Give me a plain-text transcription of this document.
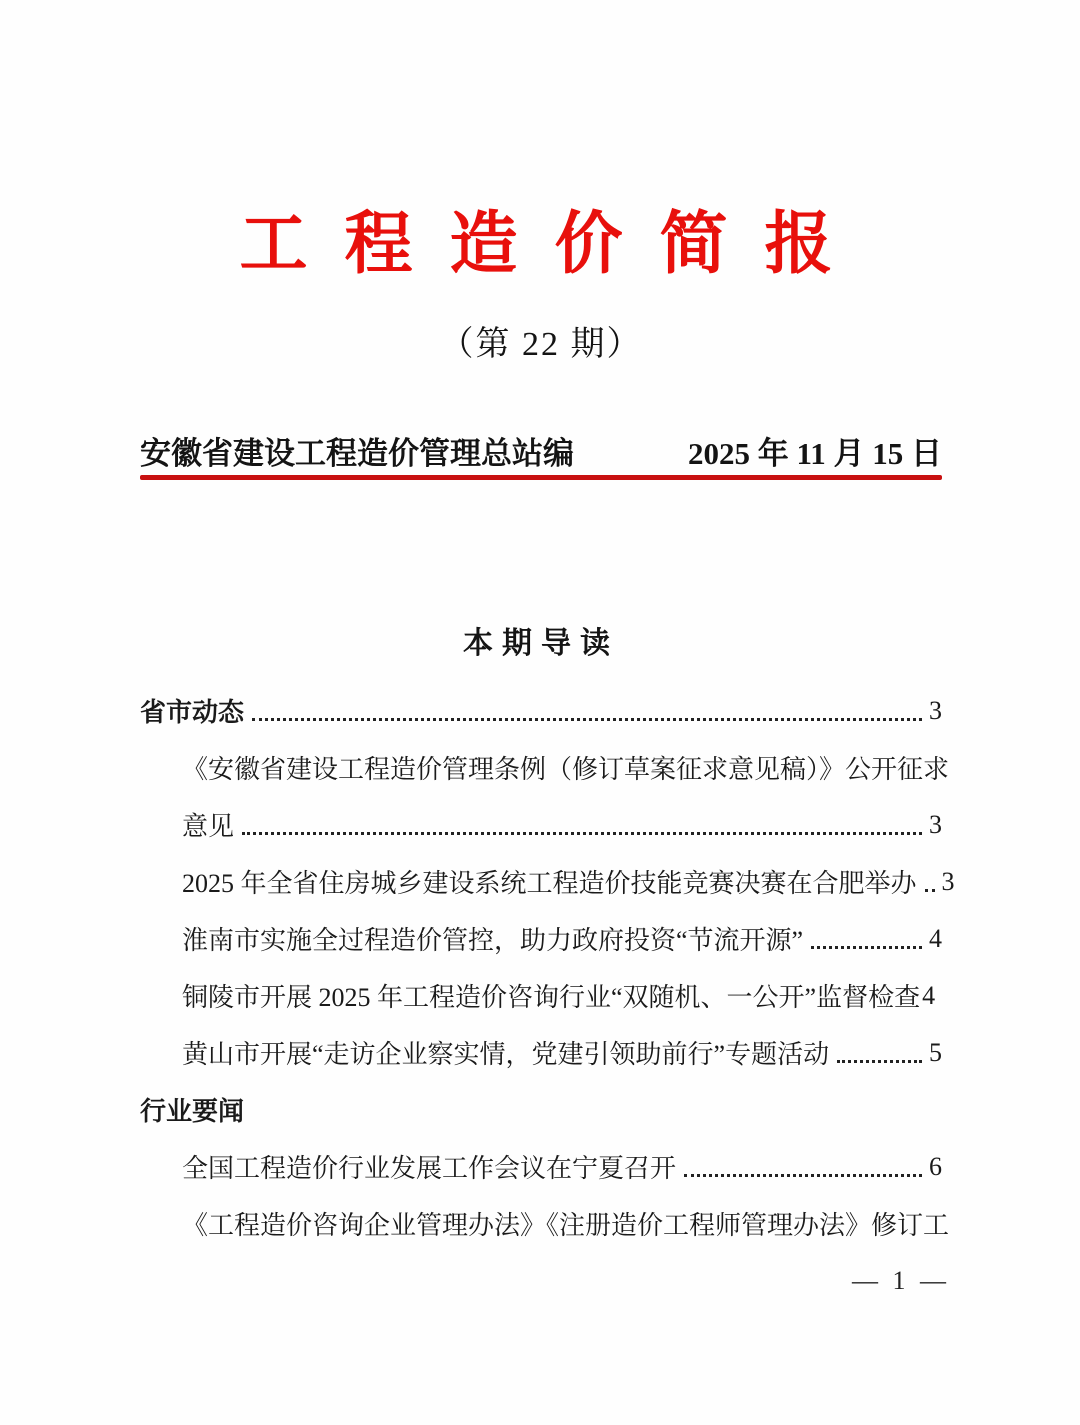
工 程 造 价 简 报
（第 22 期）
安徽省建设工程造价管理总站编	2025 年 11 月 15 日
本期导读
省市动态	3
《安徽省建设工程造价管理条例（修订草案征求意见稿）》公开征求
意见	3
2025 年全省住房城乡建设系统工程造价技能竞赛决赛在合肥举办 3
淮南市实施全过程造价管控，助力政府投资“节流开源”	4
铜陵市开展 2025 年工程造价咨询行业“双随机、一公开”监督检查 4
黄山市开展“走访企业察实情，党建引领助前行”专题活动	5
行业要闻
全国工程造价行业发展工作会议在宁夏召开	6
《工程造价咨询企业管理办法》《注册造价工程师管理办法》修订工
— 1 —
